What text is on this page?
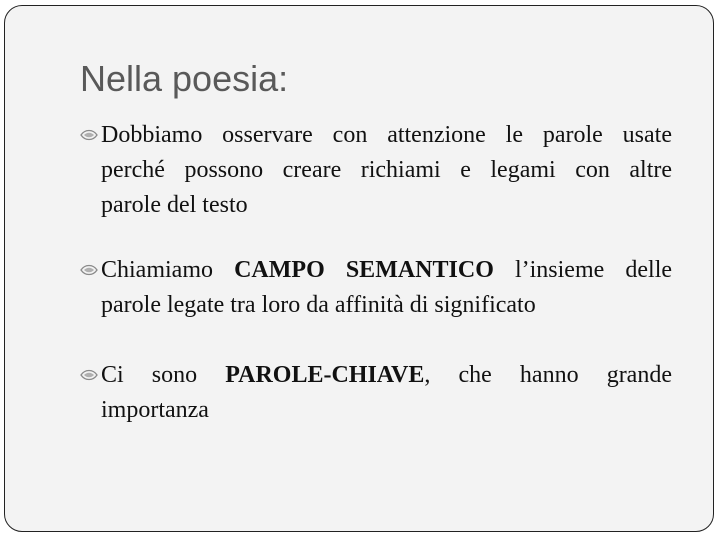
Nella poesia:
Dobbiamo osservare con attenzione le parole usate
perché possono creare richiami e legami con altre
parole del testo
Chiamiamo CAMPO SEMANTICO l’insieme delle
parole legate tra loro da affinità di significato
Ci sono PAROLE-CHIAVE, che hanno grande
importanza
